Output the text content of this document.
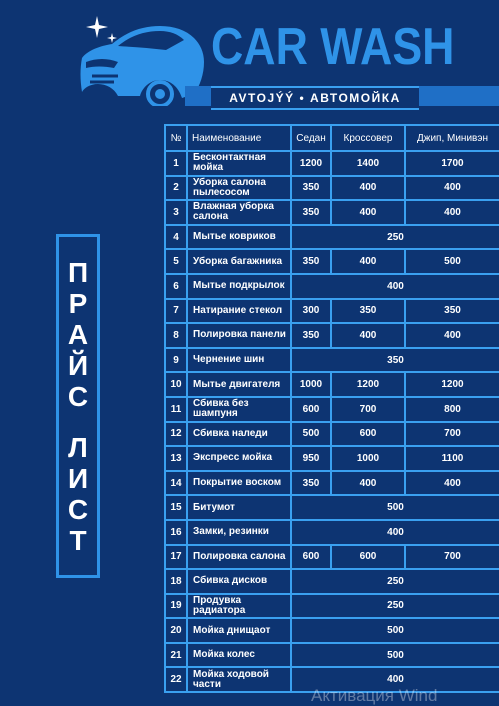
CAR WASH
AVTOJÝÝ • АВТОМОЙКА
П
Р
А
Й
С
Л
И
С
Т
№	Наименование	Седан	Кроссовер	Джип, Минивэн
1	Бесконтактная мойка	1200	1400	1700
2	Уборка салона пылесосом	350	400	400
3	Влажная уборка салона	350	400	400
4	Мытье ковриков	250		
5	Уборка багажника	350	400	500
6	Мытье подкрылок	400		
7	Натирание стекол	300	350	350
8	Полировка панели	350	400	400
9	Чернение шин	350		
10	Мытье двигателя	1000	1200	1200
11	Сбивка без шампуня	600	700	800
12	Сбивка наледи	500	600	700
13	Экспресс мойка	950	1000	1100
14	Покрытие воском	350	400	400
15	Битумот	500		
16	Замки, резинки	400		
17	Полировка салона	600	600	700
18	Сбивка дисков	250		
19	Продувка радиатора	250		
20	Мойка днищаот	500		
21	Мойка колес	500		
22	Мойка ходовой части	400		
Активация Wind
